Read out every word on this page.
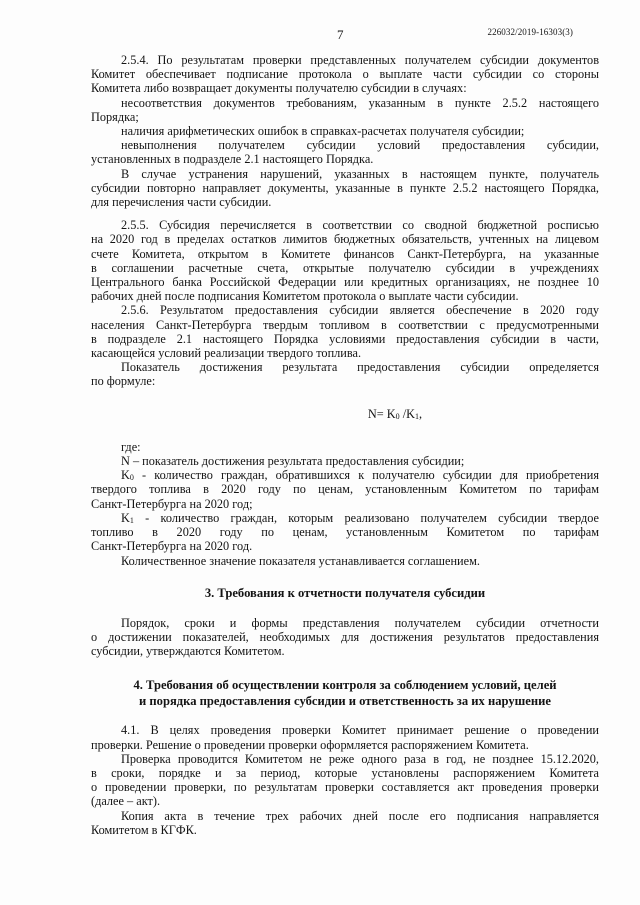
7	226032/2019-16303(3)

2.5.4. По результатам проверки представленных получателем субсидии документов

Комитет обеспечивает подписание протокола о выплате части субсидии со стороны

Комитета либо возвращает документы получателю субсидии в случаях:

несоответствия документов требованиям, указанным в пункте 2.5.2 настоящего

Порядка;

наличия арифметических ошибок в справках-расчетах получателя субсидии;

невыполнения получателем субсидии условий предоставления субсидии,

установленных в подразделе 2.1 настоящего Порядка.

В случае устранения нарушений, указанных в настоящем пункте, получатель

субсидии повторно направляет документы, указанные в пункте 2.5.2 настоящего Порядка,

для перечисления части субсидии.

2.5.5. Субсидия перечисляется в соответствии со сводной бюджетной росписью

на 2020 год в пределах остатков лимитов бюджетных обязательств, учтенных на лицевом

счете Комитета, открытом в Комитете финансов Санкт-Петербурга, на указанные

в соглашении расчетные счета, открытые получателю субсидии в учреждениях

Центрального банка Российской Федерации или кредитных организациях, не позднее 10

рабочих дней после подписания Комитетом протокола о выплате части субсидии.

2.5.6. Результатом предоставления субсидии является обеспечение в 2020 году

населения Санкт-Петербурга твердым топливом в соответствии с предусмотренными

в подразделе 2.1 настоящего Порядка условиями предоставления субсидии в части,

касающейся условий реализации твердого топлива.

Показатель достижения результата предоставления субсидии определяется

по формуле:

$N= K_0$ $/K_1$,

где:

N – показатель достижения результата предоставления субсидии;

$K_0$ - количество граждан, обратившихся к получателю субсидии для приобретения

твердого топлива в 2020 году по ценам, установленным Комитетом по тарифам

Санкт-Петербурга на 2020 год;

$K_1$ - количество граждан, которым реализовано получателем субсидии твердое

топливо в 2020 году по ценам, установленным Комитетом по тарифам

Санкт-Петербурга на 2020 год.

Количественное значение показателя устанавливается соглашением.

3. Требования к отчетности получателя субсидии

Порядок, сроки и формы представления получателем субсидии отчетности

о достижении показателей, необходимых для достижения результатов предоставления

субсидии, утверждаются Комитетом.

4. Требования об осуществлении контроля за соблюдением условий, целей

и порядка предоставления субсидии и ответственность за их нарушение

4.1. В целях проведения проверки Комитет принимает решение о проведении

проверки. Решение о проведении проверки оформляется распоряжением Комитета.

Проверка проводится Комитетом не реже одного раза в год, не позднее 15.12.2020,

в сроки, порядке и за период, которые установлены распоряжением Комитета

о проведении проверки, по результатам проверки составляется акт проведения проверки

(далее – акт).

Копия акта в течение трех рабочих дней после его подписания направляется

Комитетом в КГФК.
